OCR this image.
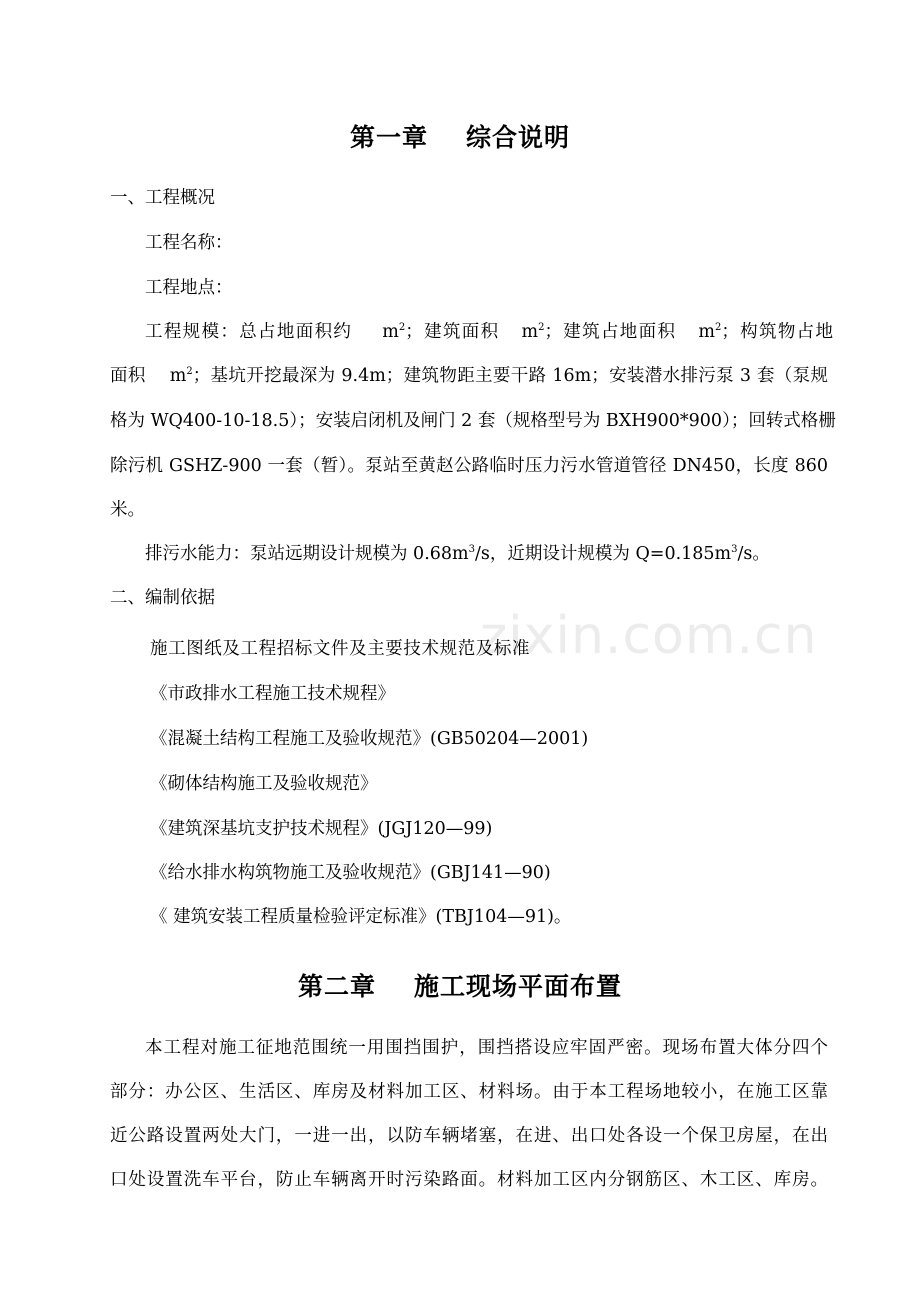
zixin.com.cn
第一章 综合说明
一、工程概况
工程名称：
工程地点：
工程规模：总占地面积约 $m^2$；建筑面积 $m^2$；建筑占地面积 $m^2$；构筑物占地
面积 $m^2$；基坑开挖最深为 9.4m；建筑物距主要干路 16m；安装潜水排污泵 3 套（泵规
格为 WQ400-10-18.5）；安装启闭机及闸门 2 套（规格型号为 BXH900*900）；回转式格栅
除污机 GSHZ-900 一套（暂）。泵站至黄赵公路临时压力污水管道管径 DN450，长度 860
米。
排污水能力：泵站远期设计规模为 $0.68m^3/s$，近期设计规模为 $Q=0.185m^3/s$。
二、编制依据
施工图纸及工程招标文件及主要技术规范及标准
《市政排水工程施工技术规程》
《混凝土结构工程施工及验收规范》(GB50204—2001)
《砌体结构施工及验收规范》
《建筑深基坑支护技术规程》(JGJ120—99)
《给水排水构筑物施工及验收规范》(GBJ141—90)
《 建筑安装工程质量检验评定标准》(TBJ104—91)。
第二章 施工现场平面布置
本工程对施工征地范围统一用围挡围护，围挡搭设应牢固严密。现场布置大体分四个
部分：办公区、生活区、库房及材料加工区、材料场。由于本工程场地较小，在施工区靠
近公路设置两处大门，一进一出，以防车辆堵塞，在进、出口处各设一个保卫房屋，在出
口处设置洗车平台，防止车辆离开时污染路面。材料加工区内分钢筋区、木工区、库房。
